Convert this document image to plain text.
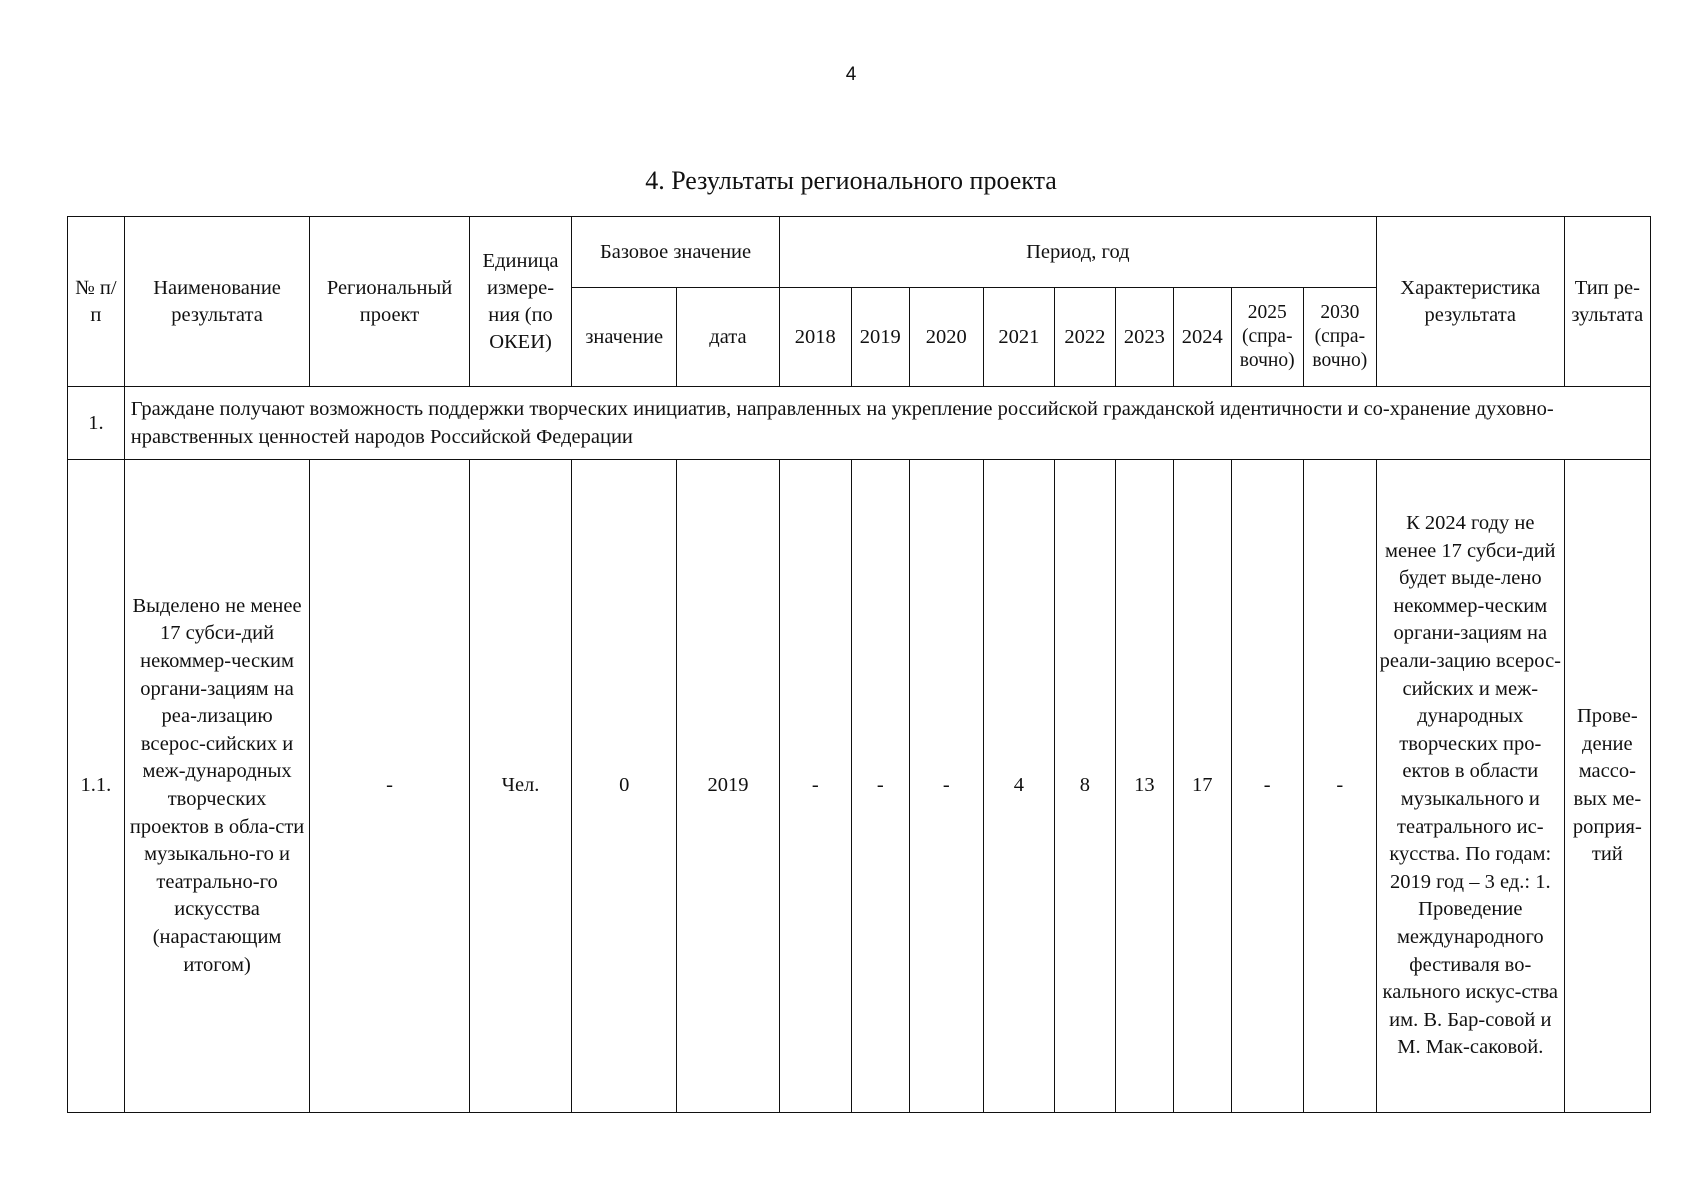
4
4. Результаты регионального проекта
№ п/п	Наименование результата	Региональный проект	Единица измере-ния (по ОКЕИ)	Базовое значение		Период, год									Характеристика результата	Тип ре-зультата
				значение	дата	2018	2019	2020	2021	2022	2023	2024	2025 (спра-вочно)	2030 (спра-вочно)		
1.	Граждане получают возможность поддержки творческих инициатив, направленных на укрепление российской гражданской идентичности и со-хранение духовно-нравственных ценностей народов Российской Федерации															
1.1.	Выделено не менее 17 субси-дий некоммер-ческим органи-зациям на реа-лизацию всерос-сийских и меж-дународных творческих проектов в обла-сти музыкально-го и театрально-го искусства (нарастающим итогом)	-	Чел.	0	2019	-	-	-	4	8	13	17	-	-	К 2024 году не менее 17 субси-дий будет выде-лено некоммер-ческим органи-зациям на реали-зацию всерос-сийских и меж-дународных творческих про-ектов в области музыкального и театрального ис-кусства. По годам: 2019 год – 3 ед.: 1. Проведение международного фестиваля во-кального искус-ства им. В. Бар-совой и М. Мак-саковой.	Прове-дение массо-вых ме-роприя-тий
